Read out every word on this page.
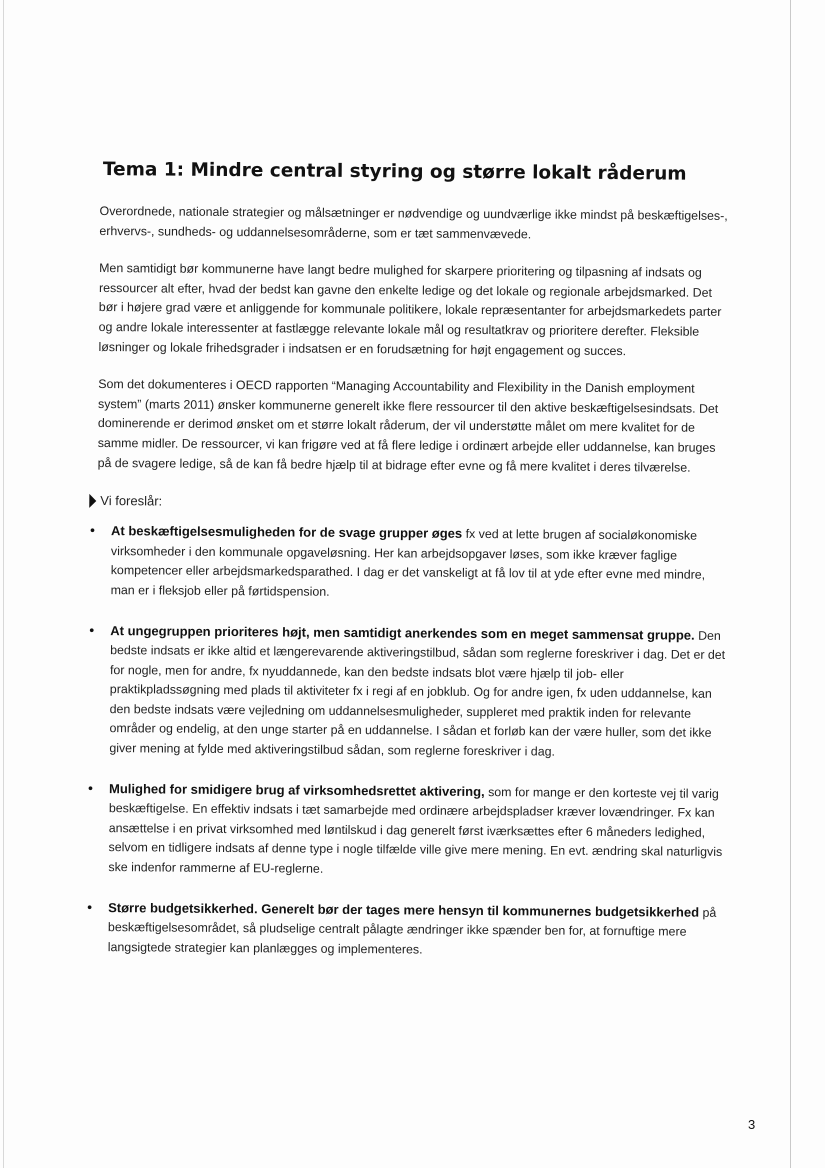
Tema 1: Mindre central styring og større lokalt råderum

Overordnede, nationale strategier og målsætninger er nødvendige og uundværlige ikke mindst på beskæftigelses-, erhvervs-, sundheds- og uddannelsesområderne, som er tæt sammenvævede.

Men samtidigt bør kommunerne have langt bedre mulighed for skarpere prioritering og tilpasning af indsats og ressourcer alt efter, hvad der bedst kan gavne den enkelte ledige og det lokale og regionale arbejdsmarked. Det bør i højere grad være et anliggende for kommunale politikere, lokale repræsentanter for arbejdsmarkedets parter og andre lokale interessenter at fastlægge relevante lokale mål og resultatkrav og prioritere derefter. Fleksible løsninger og lokale frihedsgrader i indsatsen er en forudsætning for højt engagement og succes.

Som det dokumenteres i OECD rapporten “Managing Accountability and Flexibility in the Danish employment system” (marts 2011) ønsker kommunerne generelt ikke flere ressourcer til den aktive beskæftigelsesindsats. Det dominerende er derimod ønsket om et større lokalt råderum, der vil understøtte målet om mere kvalitet for de samme midler. De ressourcer, vi kan frigøre ved at få flere ledige i ordinært arbejde eller uddannelse, kan bruges på de svagere ledige, så de kan få bedre hjælp til at bidrage efter evne og få mere kvalitet i deres tilværelse.

Vi foreslår:
• At beskæftigelsesmuligheden for de svage grupper øges fx ved at lette brugen af socialøkonomiske virksomheder i den kommunale opgaveløsning. Her kan arbejdsopgaver løses, som ikke kræver faglige kompetencer eller arbejdsmarkedsparathed. I dag er det vanskeligt at få lov til at yde efter evne med mindre, man er i fleksjob eller på førtidspension.
• At ungegruppen prioriteres højt, men samtidigt anerkendes som en meget sammensat gruppe. Den bedste indsats er ikke altid et længerevarende aktiveringstilbud, sådan som reglerne foreskriver i dag. Det er det for nogle, men for andre, fx nyuddannede, kan den bedste indsats blot være hjælp til job- eller praktikpladssøgning med plads til aktiviteter fx i regi af en jobklub. Og for andre igen, fx uden uddannelse, kan den bedste indsats være vejledning om uddannelsesmuligheder, suppleret med praktik inden for relevante områder og endelig, at den unge starter på en uddannelse. I sådan et forløb kan der være huller, som det ikke giver mening at fylde med aktiveringstilbud sådan, som reglerne foreskriver i dag.
• Mulighed for smidigere brug af virksomhedsrettet aktivering, som for mange er den korteste vej til varig beskæftigelse. En effektiv indsats i tæt samarbejde med ordinære arbejdspladser kræver lovændringer. Fx kan ansættelse i en privat virksomhed med løntilskud i dag generelt først iværksættes efter 6 måneders ledighed, selvom en tidligere indsats af denne type i nogle tilfælde ville give mere mening. En evt. ændring skal naturligvis ske indenfor rammerne af EU-reglerne.
• Større budgetsikkerhed. Generelt bør der tages mere hensyn til kommunernes budgetsikkerhed på beskæftigelsesområdet, så pludselige centralt pålagte ændringer ikke spænder ben for, at fornuftige mere langsigtede strategier kan planlægges og implementeres.
3
